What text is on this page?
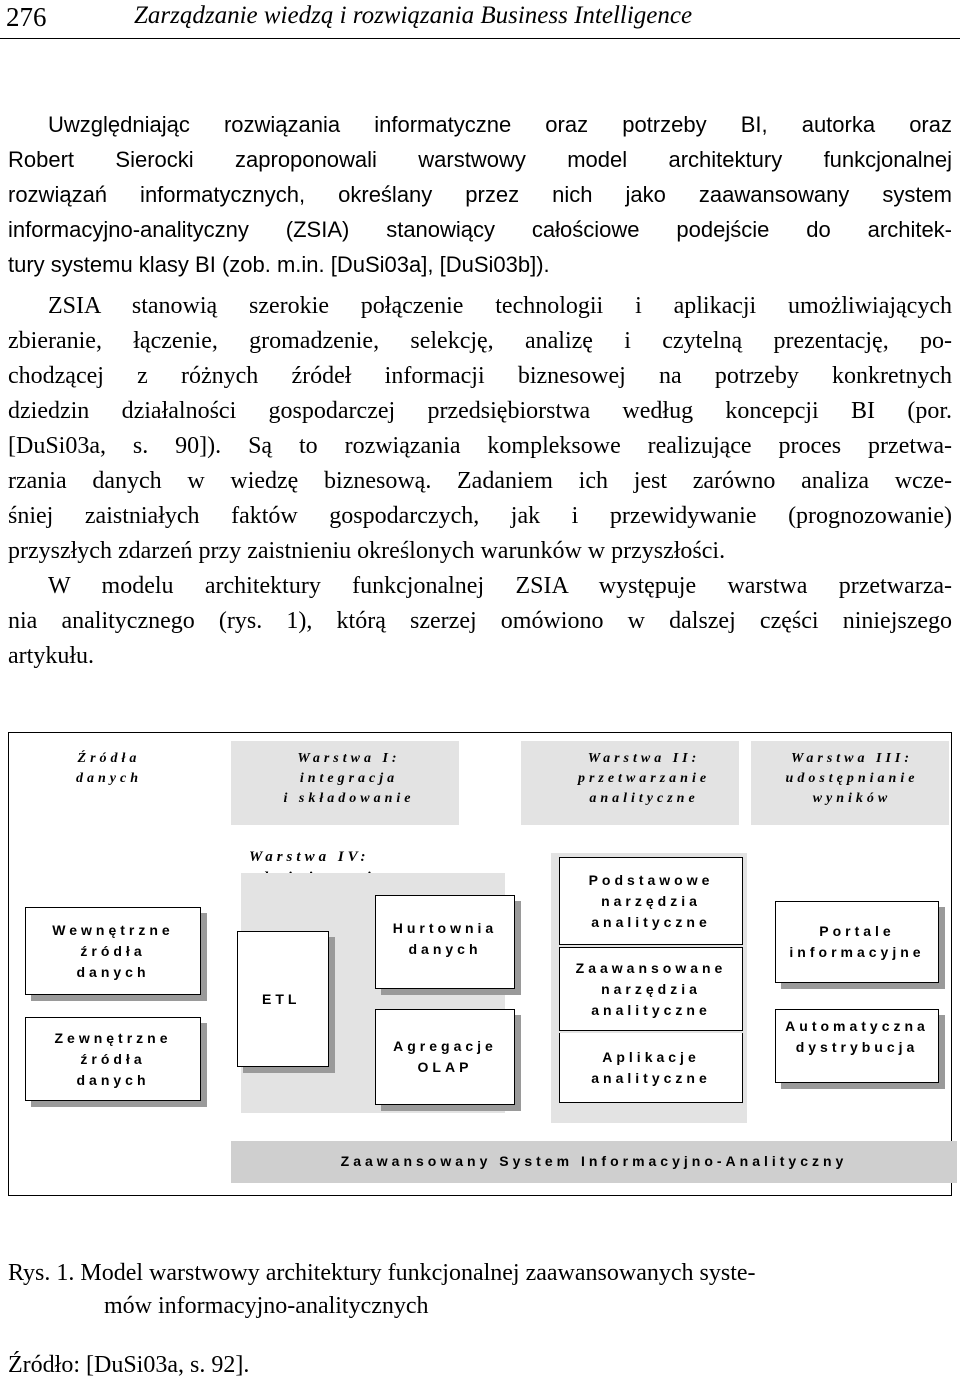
276	Zarządzanie wiedzą i rozwiązania Business Intelligence
Uwzględniając rozwiązania informatyczne oraz potrzeby BI, autorka oraz
Robert Sierocki zaproponowali warstwowy model architektury funkcjonalnej
rozwiązań informatycznych, określany przez nich jako zaawansowany system
informacyjno-analityczny (ZSIA) stanowiący całościowe podejście do architek-
tury systemu klasy BI (zob. m.in. [DuSi03a], [DuSi03b]).
ZSIA stanowią szerokie połączenie technologii i aplikacji umożliwiających
zbieranie, łączenie, gromadzenie, selekcję, analizę i czytelną prezentację, po-
chodzącej z różnych źródeł informacji biznesowej na potrzeby konkretnych
dziedzin działalności gospodarczej przedsiębiorstwa według koncepcji BI (por.
[DuSi03a, s. 90]). Są to rozwiązania kompleksowe realizujące proces przetwa-
rzania danych w wiedzę biznesową. Zadaniem ich jest zarówno analiza wcze-
śniej zaistniałych faktów gospodarczych, jak i przewidywanie (prognozowanie)
przyszłych zdarzeń przy zaistnieniu określonych warunków w przyszłości.
W modelu architektury funkcjonalnej ZSIA występuje warstwa przetwarza-
nia analitycznego (rys. 1), którą szerzej omówiono w dalszej części niniejszego
artykułu.
Źródła
danych
Warstwa I:
integracja
i składowanie
Warstwa II:
przetwarzanie
analityczne
Warstwa III:
udostępnianie
wyników
Warstwa IV:

Wewnętrzne
źródła
danych
Zewnętrzne
źródła
danych
ETL
Hurtownia
danych
Agregacje
OLAP
Podstawowe
narzędzia
analityczne
Zaawansowane
narzędzia
analityczne
Aplikacje
analityczne
Portale
informacyjne
Automatyczna
dystrybucja
Zaawansowany System Informacyjno-Analityczny
Rys. 1. Model warstwowy architektury funkcjonalnej zaawansowanych syste-
mów informacyjno-analitycznych
Źródło: [DuSi03a, s. 92].
